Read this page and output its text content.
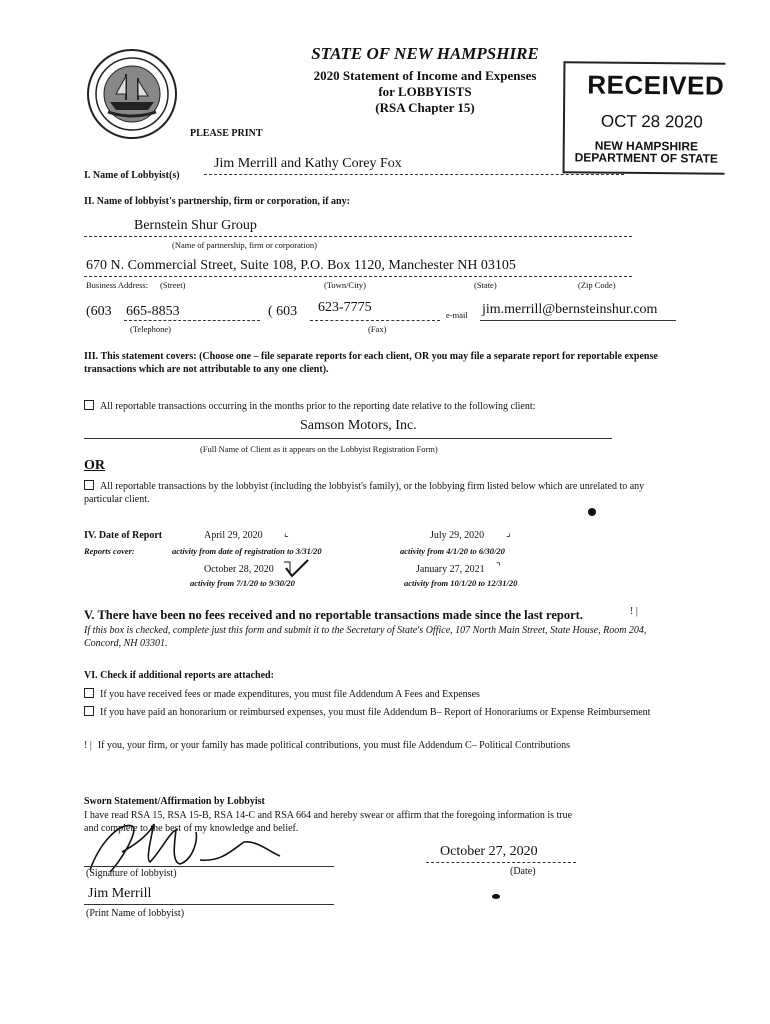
STATE OF NEW HAMPSHIRE
2020 Statement of Income and Expenses
for LOBBYISTS
(RSA Chapter 15)
PLEASE PRINT
RECEIVED
OCT 28 2020
NEW HAMPSHIRE
DEPARTMENT OF STATE
I. Name of Lobbyist(s)
Jim Merrill and Kathy Corey Fox
II. Name of lobbyist's partnership, firm or corporation, if any:
Bernstein Shur Group
(Name of partnership, firm or corporation)
670 N. Commercial Street, Suite 108, P.O. Box 1120, Manchester NH 03105
Business Address: (Street)	(Town/City)	(State)	(Zip Code)
(603 665-8853
(Telephone)
( 603 623-7775
(Fax)
e-mail jim.merrill@bernsteinshur.com
III. This statement covers: (Choose one – file separate reports for each client, OR you may file a separate report for reportable expense transactions which are not attributable to any one client).
All reportable transactions occurring in the months prior to the reporting date relative to the following client:
Samson Motors, Inc.
(Full Name of Client as it appears on the Lobbyist Registration Form)
OR
All reportable transactions by the lobbyist (including the lobbyist's family), or the lobbying firm listed below which are unrelated to any particular client.
IV. Date of Report
Reports cover:
April 29, 2020 ⌞
activity from date of registration to 3/31/20
July 29, 2020 ⌟
activity from 4/1/20 to 6/30/20
October 28, 2020
activity from 7/1/20 to 9/30/20
January 27, 2021 ⌝
activity from 10/1/20 to 12/31/20
V. There have been no fees received and no reportable transactions made since the last report.	! |
If this box is checked, complete just this form and submit it to the Secretary of State's Office, 107 North Main Street, State House, Room 204, Concord, NH 03301.
VI. Check if additional reports are attached:
If you have received fees or made expenditures, you must file Addendum A Fees and Expenses
If you have paid an honorarium or reimbursed expenses, you must file Addendum B– Report of Honorariums or Expense Reimbursement
! | If you, your firm, or your family has made political contributions, you must file Addendum C– Political Contributions
Sworn Statement/Affirmation by Lobbyist
I have read RSA 15, RSA 15-B, RSA 14-C and RSA 664 and hereby swear or affirm that the foregoing information is true
and complete to the best of my knowledge and belief.
(Signature of lobbyist)
October 27, 2020
(Date)
Jim Merrill
(Print Name of lobbyist)
